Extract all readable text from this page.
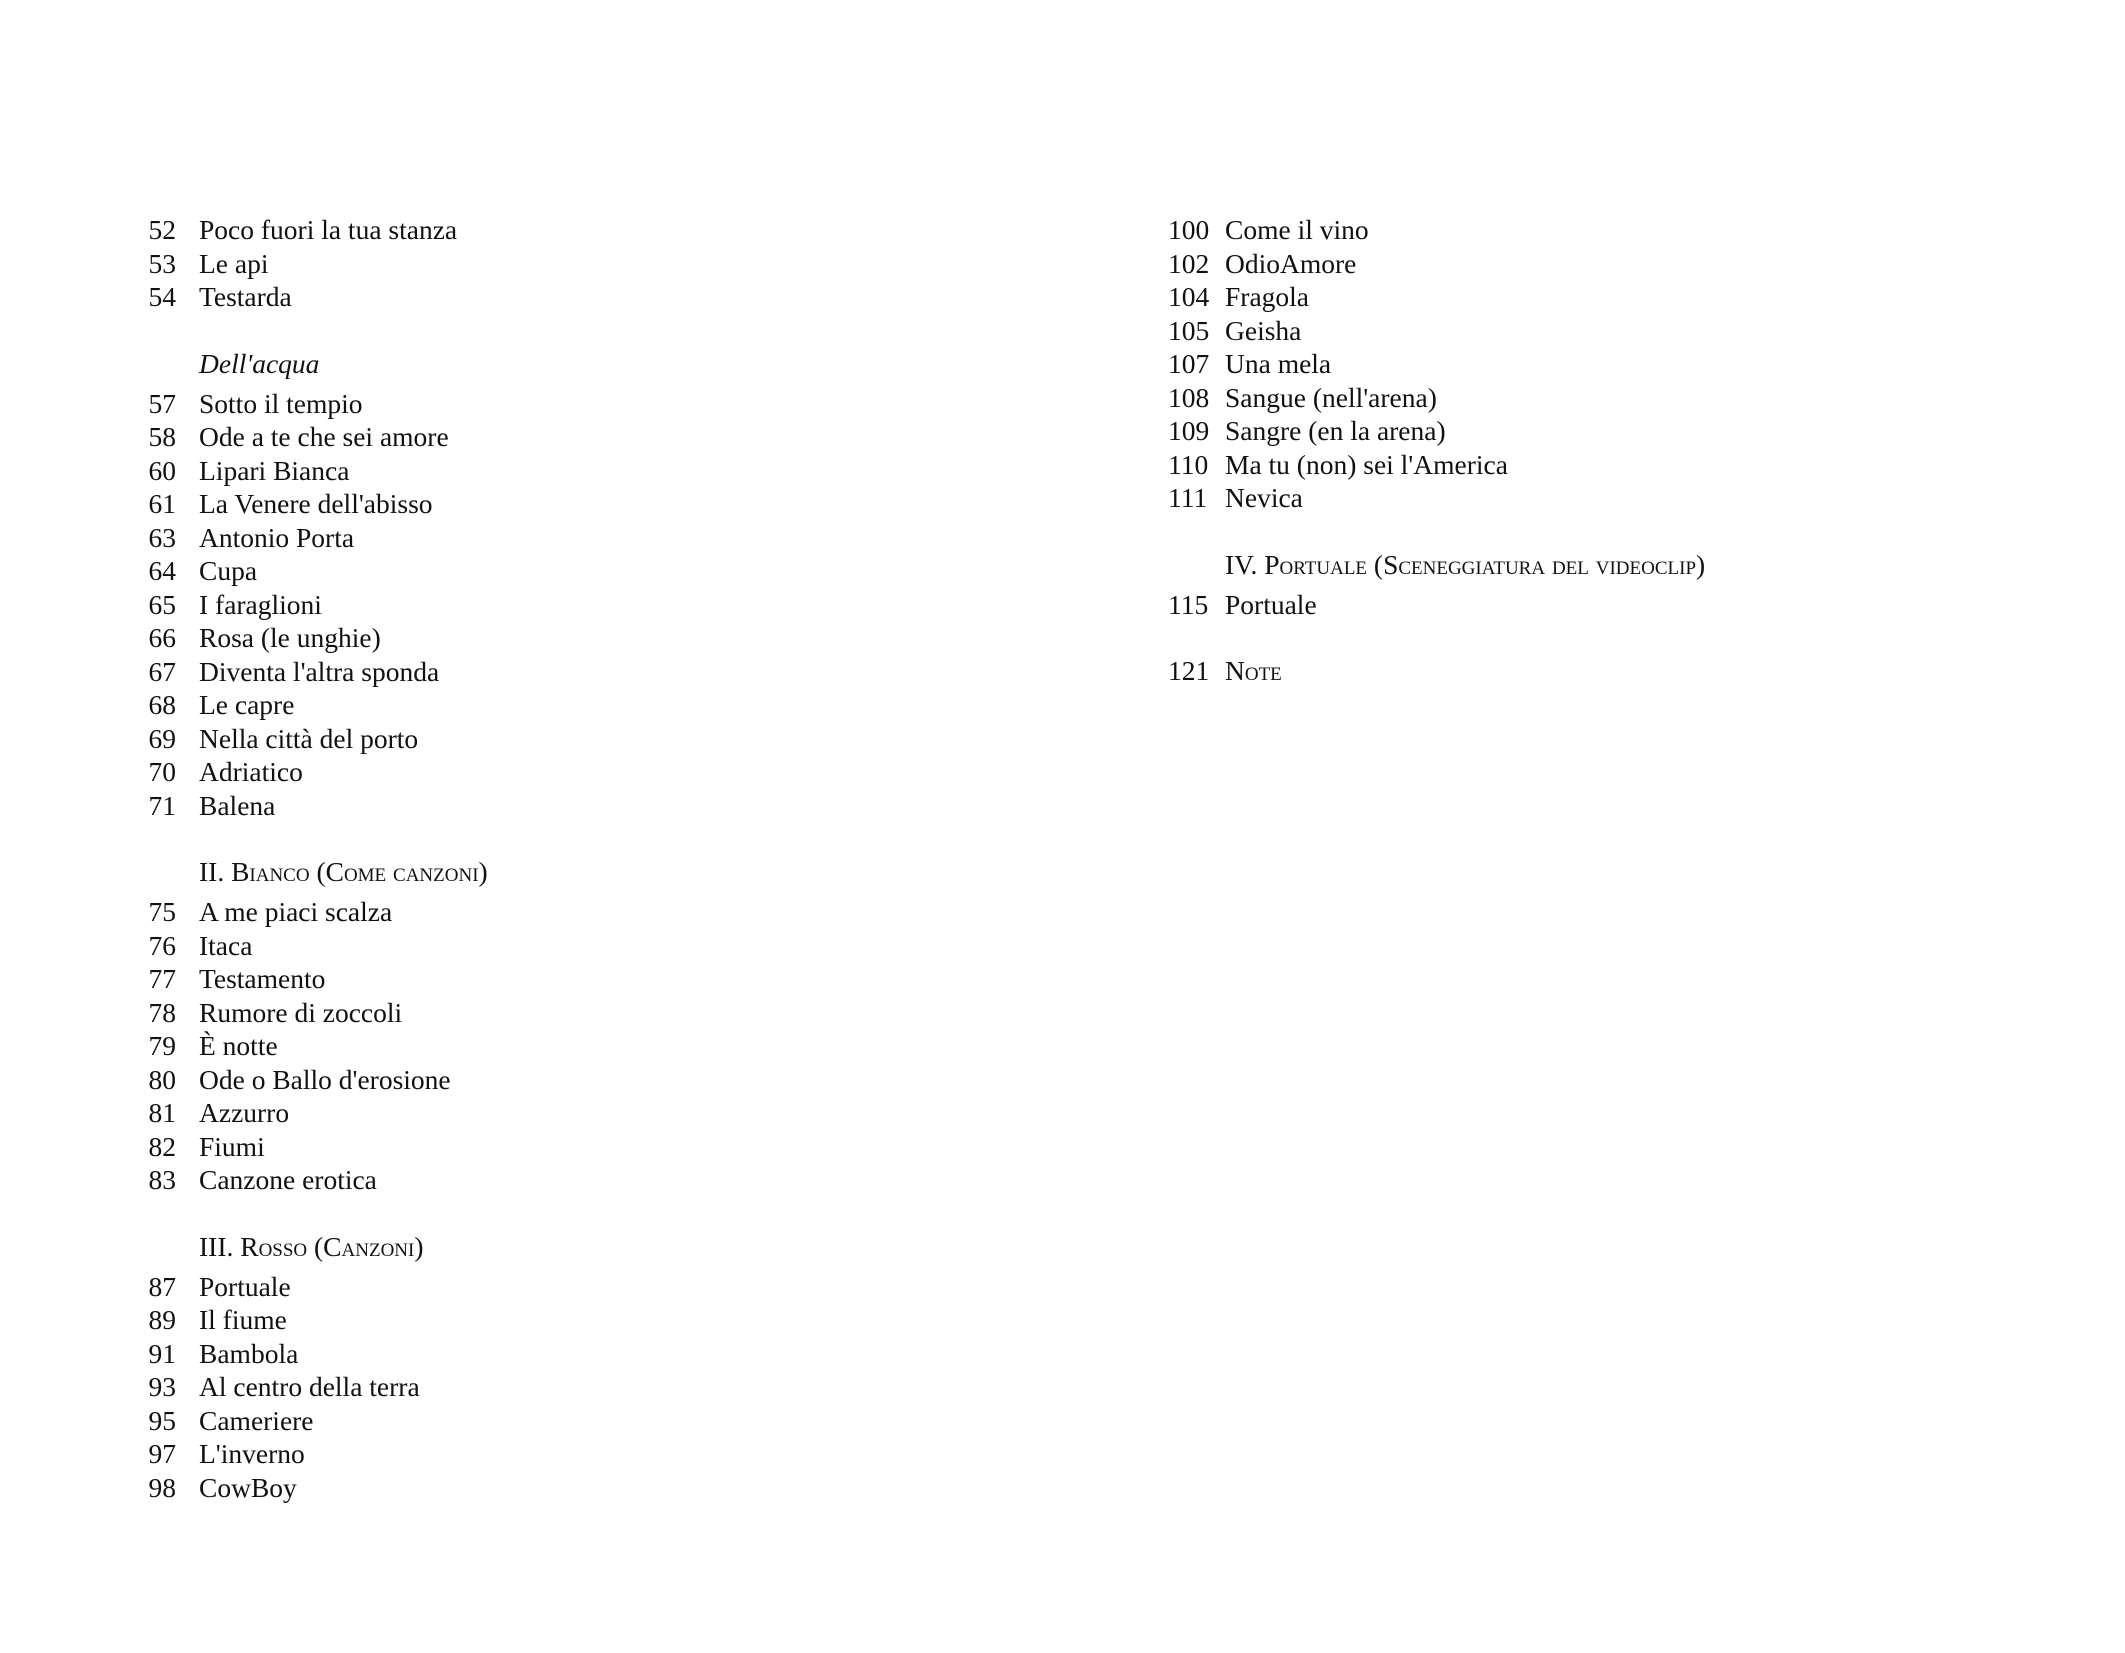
52 Poco fuori la tua stanza
53 Le api
54 Testarda
Dell'acqua
57 Sotto il tempio
58 Ode a te che sei amore
60 Lipari Bianca
61 La Venere dell'abisso
63 Antonio Porta
64 Cupa
65 I faraglioni
66 Rosa (le unghie)
67 Diventa l'altra sponda
68 Le capre
69 Nella città del porto
70 Adriatico
71 Balena
II. Bianco (Come canzoni)
75 A me piaci scalza
76 Itaca
77 Testamento
78 Rumore di zoccoli
79 È notte
80 Ode o Ballo d'erosione
81 Azzurro
82 Fiumi
83 Canzone erotica
III. Rosso (Canzoni)
87 Portuale
89 Il fiume
91 Bambola
93 Al centro della terra
95 Cameriere
97 L'inverno
98 CowBoy
100 Come il vino
102 OdioAmore
104 Fragola
105 Geisha
107 Una mela
108 Sangue (nell'arena)
109 Sangre (en la arena)
110 Ma tu (non) sei l'America
111 Nevica
IV. Portuale (Sceneggiatura del videoclip)
115 Portuale
121 Note
